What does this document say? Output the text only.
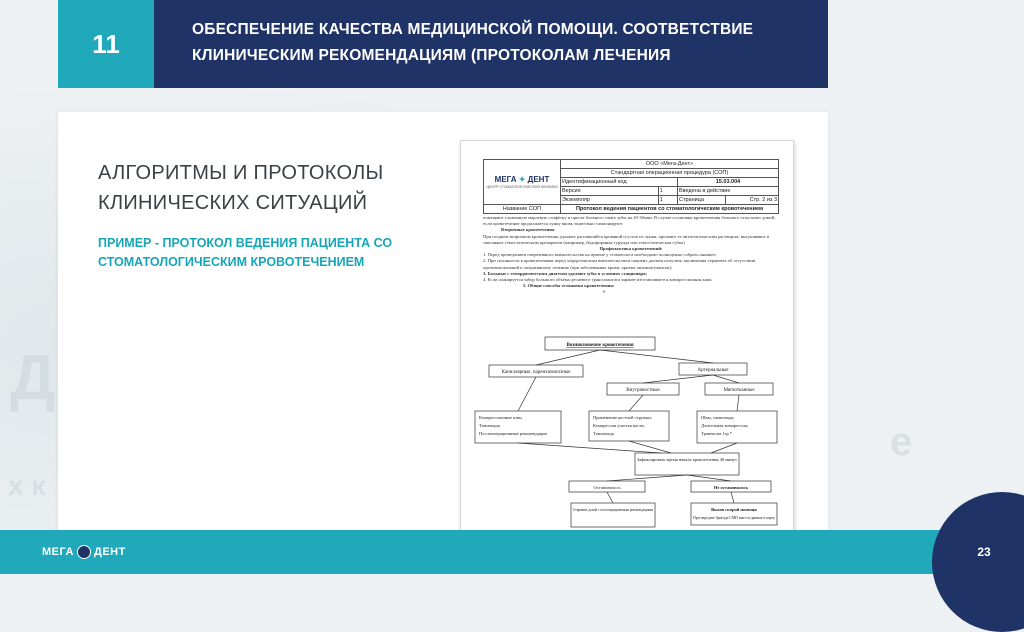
Д
х к
е
11	ОБЕСПЕЧЕНИЕ КАЧЕСТВА МЕДИЦИНСКОЙ ПОМОЩИ. СООТВЕТСТВИЕ КЛИНИЧЕСКИМ РЕКОМЕНДАЦИЯМ (ПРОТОКОЛАМ ЛЕЧЕНИЯ
АЛГОРИТМЫ И ПРОТОКОЛЫ КЛИНИЧЕСКИХ СИТУАЦИЙ
ПРИМЕР - ПРОТОКОЛ ВЕДЕНИЯ ПАЦИЕНТА СО СТОМАТОЛОГИЧЕСКИМ КРОВОТЕЧЕНИЕМ
МЕГА ✦ ДЕНТ
ЦЕНТР СТОМАТОЛОГИЧЕСКОЙ КЛИНИКИ	ООО «Мега-Дент»			
	Стандартная операционная процедура (СОП)			
	Идентификационный код		15.03.004	
	Версия	1	Введена в действие	
	Экземпляр	1	Страница	Стр. 2 из 3
Название СОП	Протокол ведения пациентов со стоматологическим кровотечением			
помещают сложенную марлевую салфетку и просят больного сжать зубы на 20-30мин. В случае остановки кровотечения больного отпускают домой, если кровотечение продолжается лунку вновь тщательно тампонируют
Вторичные кровотечения
При позднем вторичном кровотечении удаляют распавшийся кровяной сгусток из лунки, орошают ее антисептическим раствором, высушивают и заполняют гемостатическим препаратом (например, йодоформная турунда или гемостатическая губка)
Профилактика кровотечений:
1. Перед проведением оперативного вмешательства на приеме у стоматолога необходимо полноценно собрать анамнез;
2. При склонности к кровотечениям перед хирургическим вмешательством пациент должен получить заключения терапевта об отсутствии противопоказаний к оперативному лечению (при заболеваниях крови, приеме антикоагулянтов);
3. Больные с геморрагическим диатезом удаляют зубы в условиях стационара;
4. Если планируется забор большого объёма десневого трансплантата заранее изготавливается компрессионная капа.
5. Общие способы остановки кровотечения:
б
Возникновение кровотечения
Капиллярные, паренхиматозные	Артериальные
Внутрикостные	Мягкотканные
Компрессионные швы
Тампонада
Послеоперационные рекомендации
Применение костной стружки;
Компрессия участка кости;
Тампонада
Швы, тампонада;
Длительная компрессия;
Транексам 1гр.*
Зафиксировать время начала кровотечения 40 минут
Остановилось	Не остановилось
Отправить домой с постоперационными рекомендациями	Вызов скорой помощи
При передаче бригаде СМП внести данные в карту
23
МЕГА ДЕНТ
